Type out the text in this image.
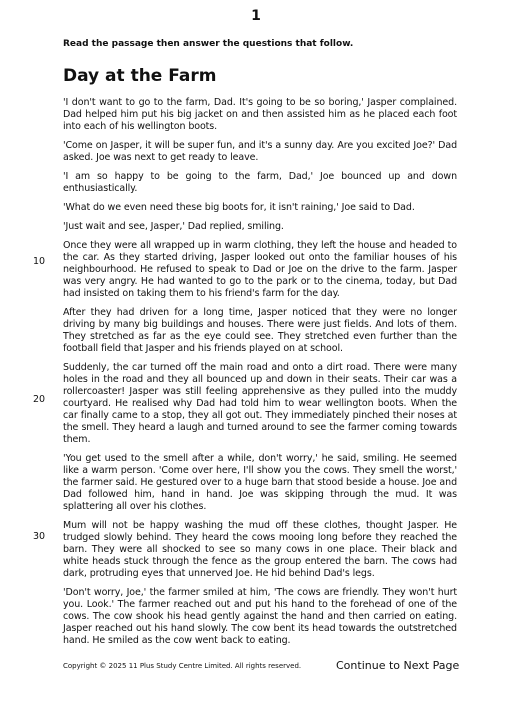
1
Read the passage then answer the questions that follow.
Day at the Farm

'I don't want to go to the farm, Dad. It's going to be so boring,' Jasper complained. Dad helped him put his big jacket on and then assisted him as he placed each foot into each of his wellington boots.

'Come on Jasper, it will be super fun, and it's a sunny day. Are you excited Joe?' Dad asked. Joe was next to get ready to leave.

'I am so happy to be going to the farm, Dad,' Joe bounced up and down enthusiastically.

'What do we even need these big boots for, it isn't raining,' Joe said to Dad.

'Just wait and see, Jasper,' Dad replied, smiling.

Once they were all wrapped up in warm clothing, they left the house and headed to the car. As they started driving, Jasper looked out onto the familiar houses of his neighbourhood. He refused to speak to Dad or Joe on the drive to the farm. Jasper was very angry. He had wanted to go to the park or to the cinema, today, but Dad had insisted on taking them to his friend's farm for the day.

After they had driven for a long time, Jasper noticed that they were no longer driving by many big buildings and houses. There were just fields. And lots of them. They stretched as far as the eye could see. They stretched even further than the football field that Jasper and his friends played on at school.

Suddenly, the car turned off the main road and onto a dirt road. There were many holes in the road and they all bounced up and down in their seats. Their car was a rollercoaster! Jasper was still feeling apprehensive as they pulled into the muddy courtyard. He realised why Dad had told him to wear wellington boots. When the car finally came to a stop, they all got out. They immediately pinched their noses at the smell. They heard a laugh and turned around to see the farmer coming towards them.

'You get used to the smell after a while, don't worry,' he said, smiling. He seemed like a warm person. 'Come over here, I'll show you the cows. They smell the worst,' the farmer said. He gestured over to a huge barn that stood beside a house. Joe and Dad followed him, hand in hand. Joe was skipping through the mud. It was splattering all over his clothes.

Mum will not be happy washing the mud off these clothes, thought Jasper. He trudged slowly behind. They heard the cows mooing long before they reached the barn. They were all shocked to see so many cows in one place. Their black and white heads stuck through the fence as the group entered the barn. The cows had dark, protruding eyes that unnerved Joe. He hid behind Dad's legs.

'Don't worry, Joe,' the farmer smiled at him, 'The cows are friendly. They won't hurt you. Look.' The farmer reached out and put his hand to the forehead of one of the cows. The cow shook his head gently against the hand and then carried on eating. Jasper reached out his hand slowly. The cow bent its head towards the outstretched hand. He smiled as the cow went back to eating.

10
20
30
Copyright © 2025 11 Plus Study Centre Limited. All rights reserved.	Continue to Next Page
